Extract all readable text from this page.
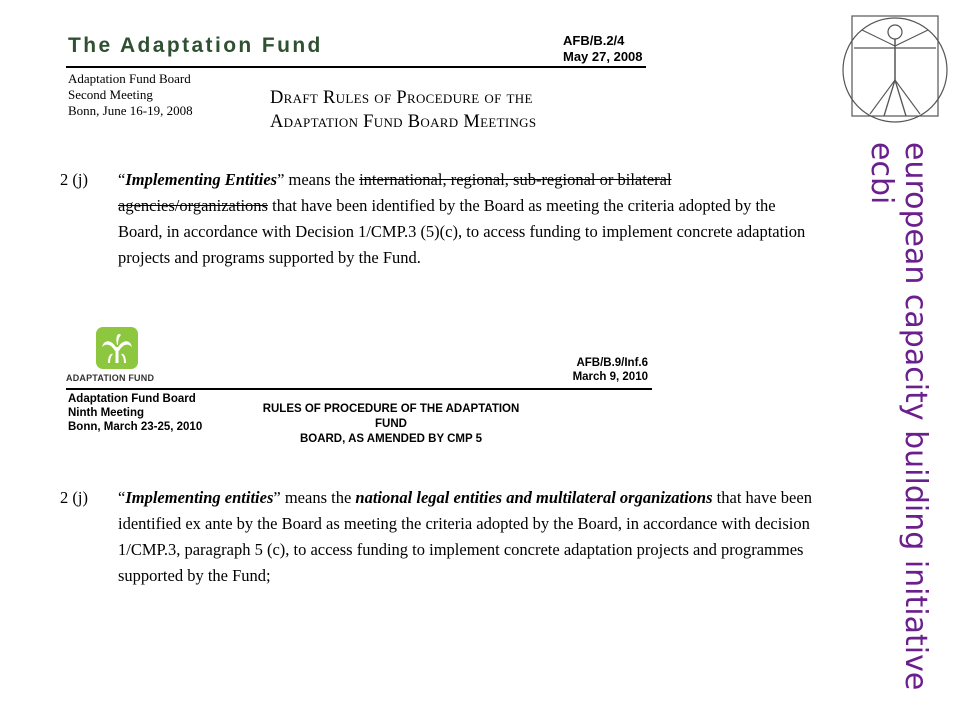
The Adaptation Fund	AFB/B.2/4
May 27, 2008
Adaptation Fund Board
Second Meeting
Bonn, June 16-19, 2008
Draft Rules of Procedure of the
Adaptation Fund Board Meetings
2 (j) “Implementing Entities” means the international, regional, sub-regional or bilateral agencies/organizations that have been identified by the Board as meeting the criteria adopted by the Board, in accordance with Decision 1/CMP.3 (5)(c), to access funding to implement concrete adaptation projects and programs supported by the Fund.
ADAPTATION FUND
AFB/B.9/Inf.6
March 9, 2010
Adaptation Fund Board
Ninth Meeting
Bonn, March 23-25, 2010
RULES OF PROCEDURE OF THE ADAPTATION FUND
BOARD, AS AMENDED BY CMP 5
2 (j) “Implementing entities” means the national legal entities and multilateral organizations that have been identified ex ante by the Board as meeting the criteria adopted by the Board, in accordance with decision 1/CMP.3, paragraph 5 (c), to access funding to implement concrete adaptation projects and programmes supported by the Fund;	european capacity building initiative
ecbi
